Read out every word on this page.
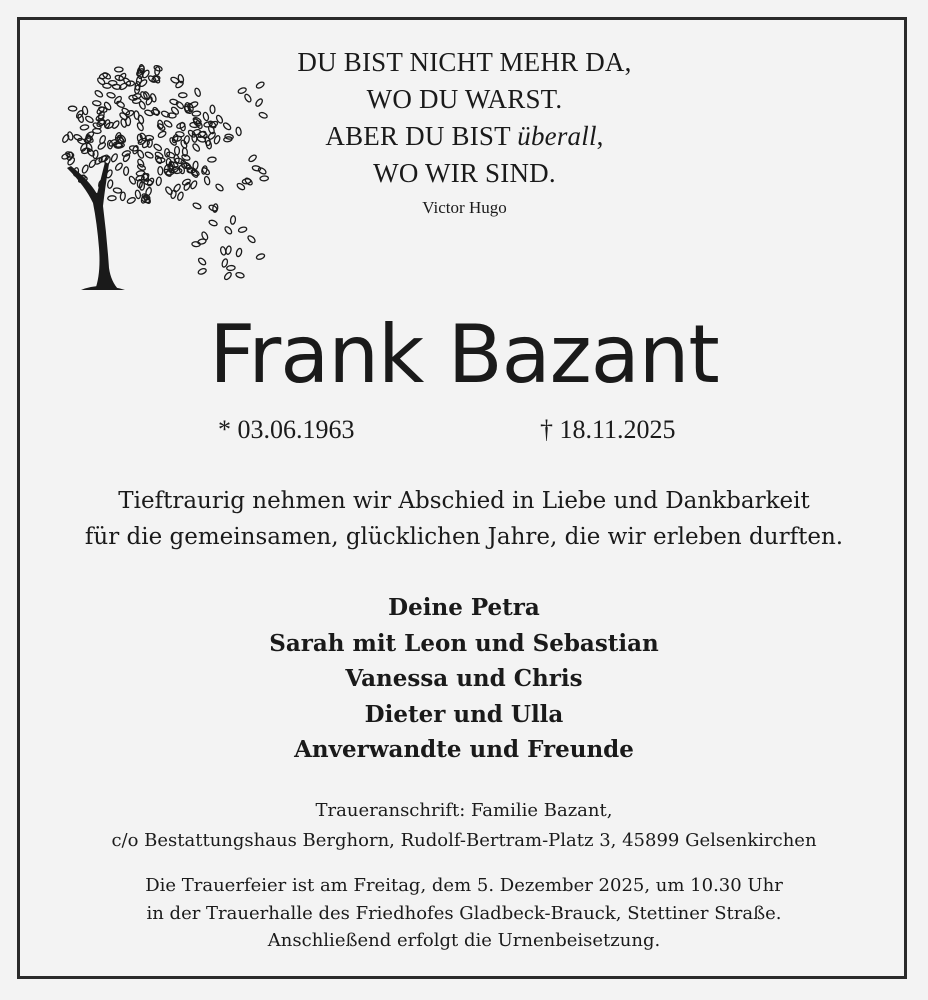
DU BIST NICHT MEHR DA,
WO DU WARST.
ABER DU BIST überall,
WO WIR SIND.
Victor Hugo
Frank Bazant
* 03.06.1963	† 18.11.2025
Tieftraurig nehmen wir Abschied in Liebe und Dankbarkeit
für die gemeinsamen, glücklichen Jahre, die wir erleben durften.
Deine Petra
Sarah mit Leon und Sebastian
Vanessa und Chris
Dieter und Ulla
Anverwandte und Freunde
Traueranschrift: Familie Bazant,
c/o Bestattungshaus Berghorn, Rudolf-Bertram-Platz 3, 45899 Gelsenkirchen
Die Trauerfeier ist am Freitag, dem 5. Dezember 2025, um 10.30 Uhr
in der Trauerhalle des Friedhofes Gladbeck-Brauck, Stettiner Straße.
Anschließend erfolgt die Urnenbeisetzung.
